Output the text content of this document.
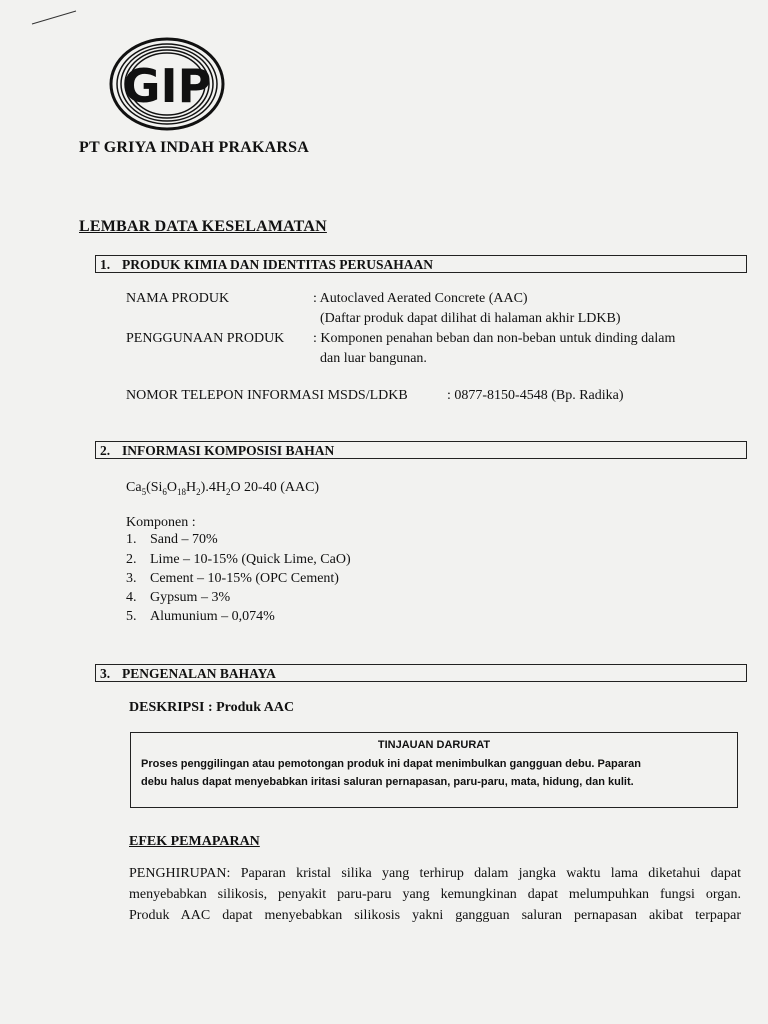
GIP
PT GRIYA INDAH PRAKARSA
LEMBAR DATA KESELAMATAN
1. PRODUK KIMIA DAN IDENTITAS PERUSAHAAN
NAMA PRODUK	: Autoclaved Aerated Concrete (AAC)
(Daftar produk dapat dilihat di halaman akhir LDKB)
PENGGUNAAN PRODUK : Komponen penahan beban dan non-beban untuk dinding dalam
dan luar bangunan.
NOMOR TELEPON INFORMASI MSDS/LDKB	: 0877-8150-4548 (Bp. Radika)
2. INFORMASI KOMPOSISI BAHAN
$Ca_5(Si_6O_{18}H_2).4H_2O$ 20-40 (AAC)
Komponen :
1. Sand – 70%
2. Lime – 10-15% (Quick Lime, CaO)
3. Cement – 10-15% (OPC Cement)
4. Gypsum – 3%
5. Alumunium – 0,074%
3. PENGENALAN BAHAYA
DESKRIPSI : Produk AAC
TINJAUAN DARURAT
Proses penggilingan atau pemotongan produk ini dapat menimbulkan gangguan debu. Paparan
debu halus dapat menyebabkan iritasi saluran pernapasan, paru-paru, mata, hidung, dan kulit.
EFEK PEMAPARAN

PENGHIRUPAN: Paparan kristal silika yang terhirup dalam jangka waktu lama diketahui dapat

menyebabkan silikosis, penyakit paru-paru yang kemungkinan dapat melumpuhkan fungsi organ.

Produk AAC dapat menyebabkan silikosis yakni gangguan saluran pernapasan akibat terpapar
